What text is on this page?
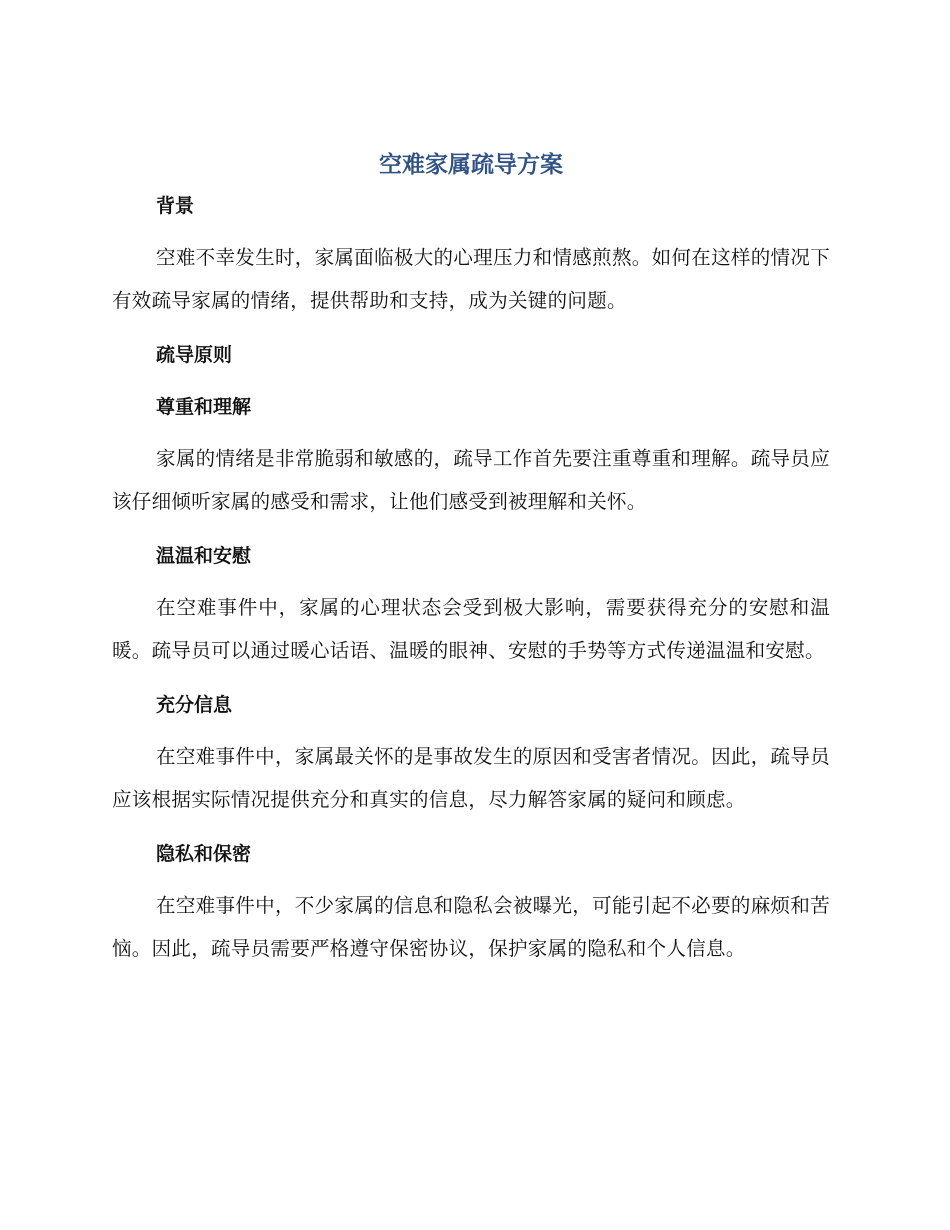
空难家属疏导方案
背景

空难不幸发生时，家属面临极大的心理压力和情感煎熬。如何在这样的情况下有效疏导家属的情绪，提供帮助和支持，成为关键的问题。

疏导原则
尊重和理解

家属的情绪是非常脆弱和敏感的，疏导工作首先要注重尊重和理解。疏导员应该仔细倾听家属的感受和需求，让他们感受到被理解和关怀。

温温和安慰

在空难事件中，家属的心理状态会受到极大影响，需要获得充分的安慰和温暖。疏导员可以通过暖心话语、温暖的眼神、安慰的手势等方式传递温温和安慰。

充分信息

在空难事件中，家属最关怀的是事故发生的原因和受害者情况。因此，疏导员应该根据实际情况提供充分和真实的信息，尽力解答家属的疑问和顾虑。

隐私和保密

在空难事件中，不少家属的信息和隐私会被曝光，可能引起不必要的麻烦和苦恼。因此，疏导员需要严格遵守保密协议，保护家属的隐私和个人信息。
